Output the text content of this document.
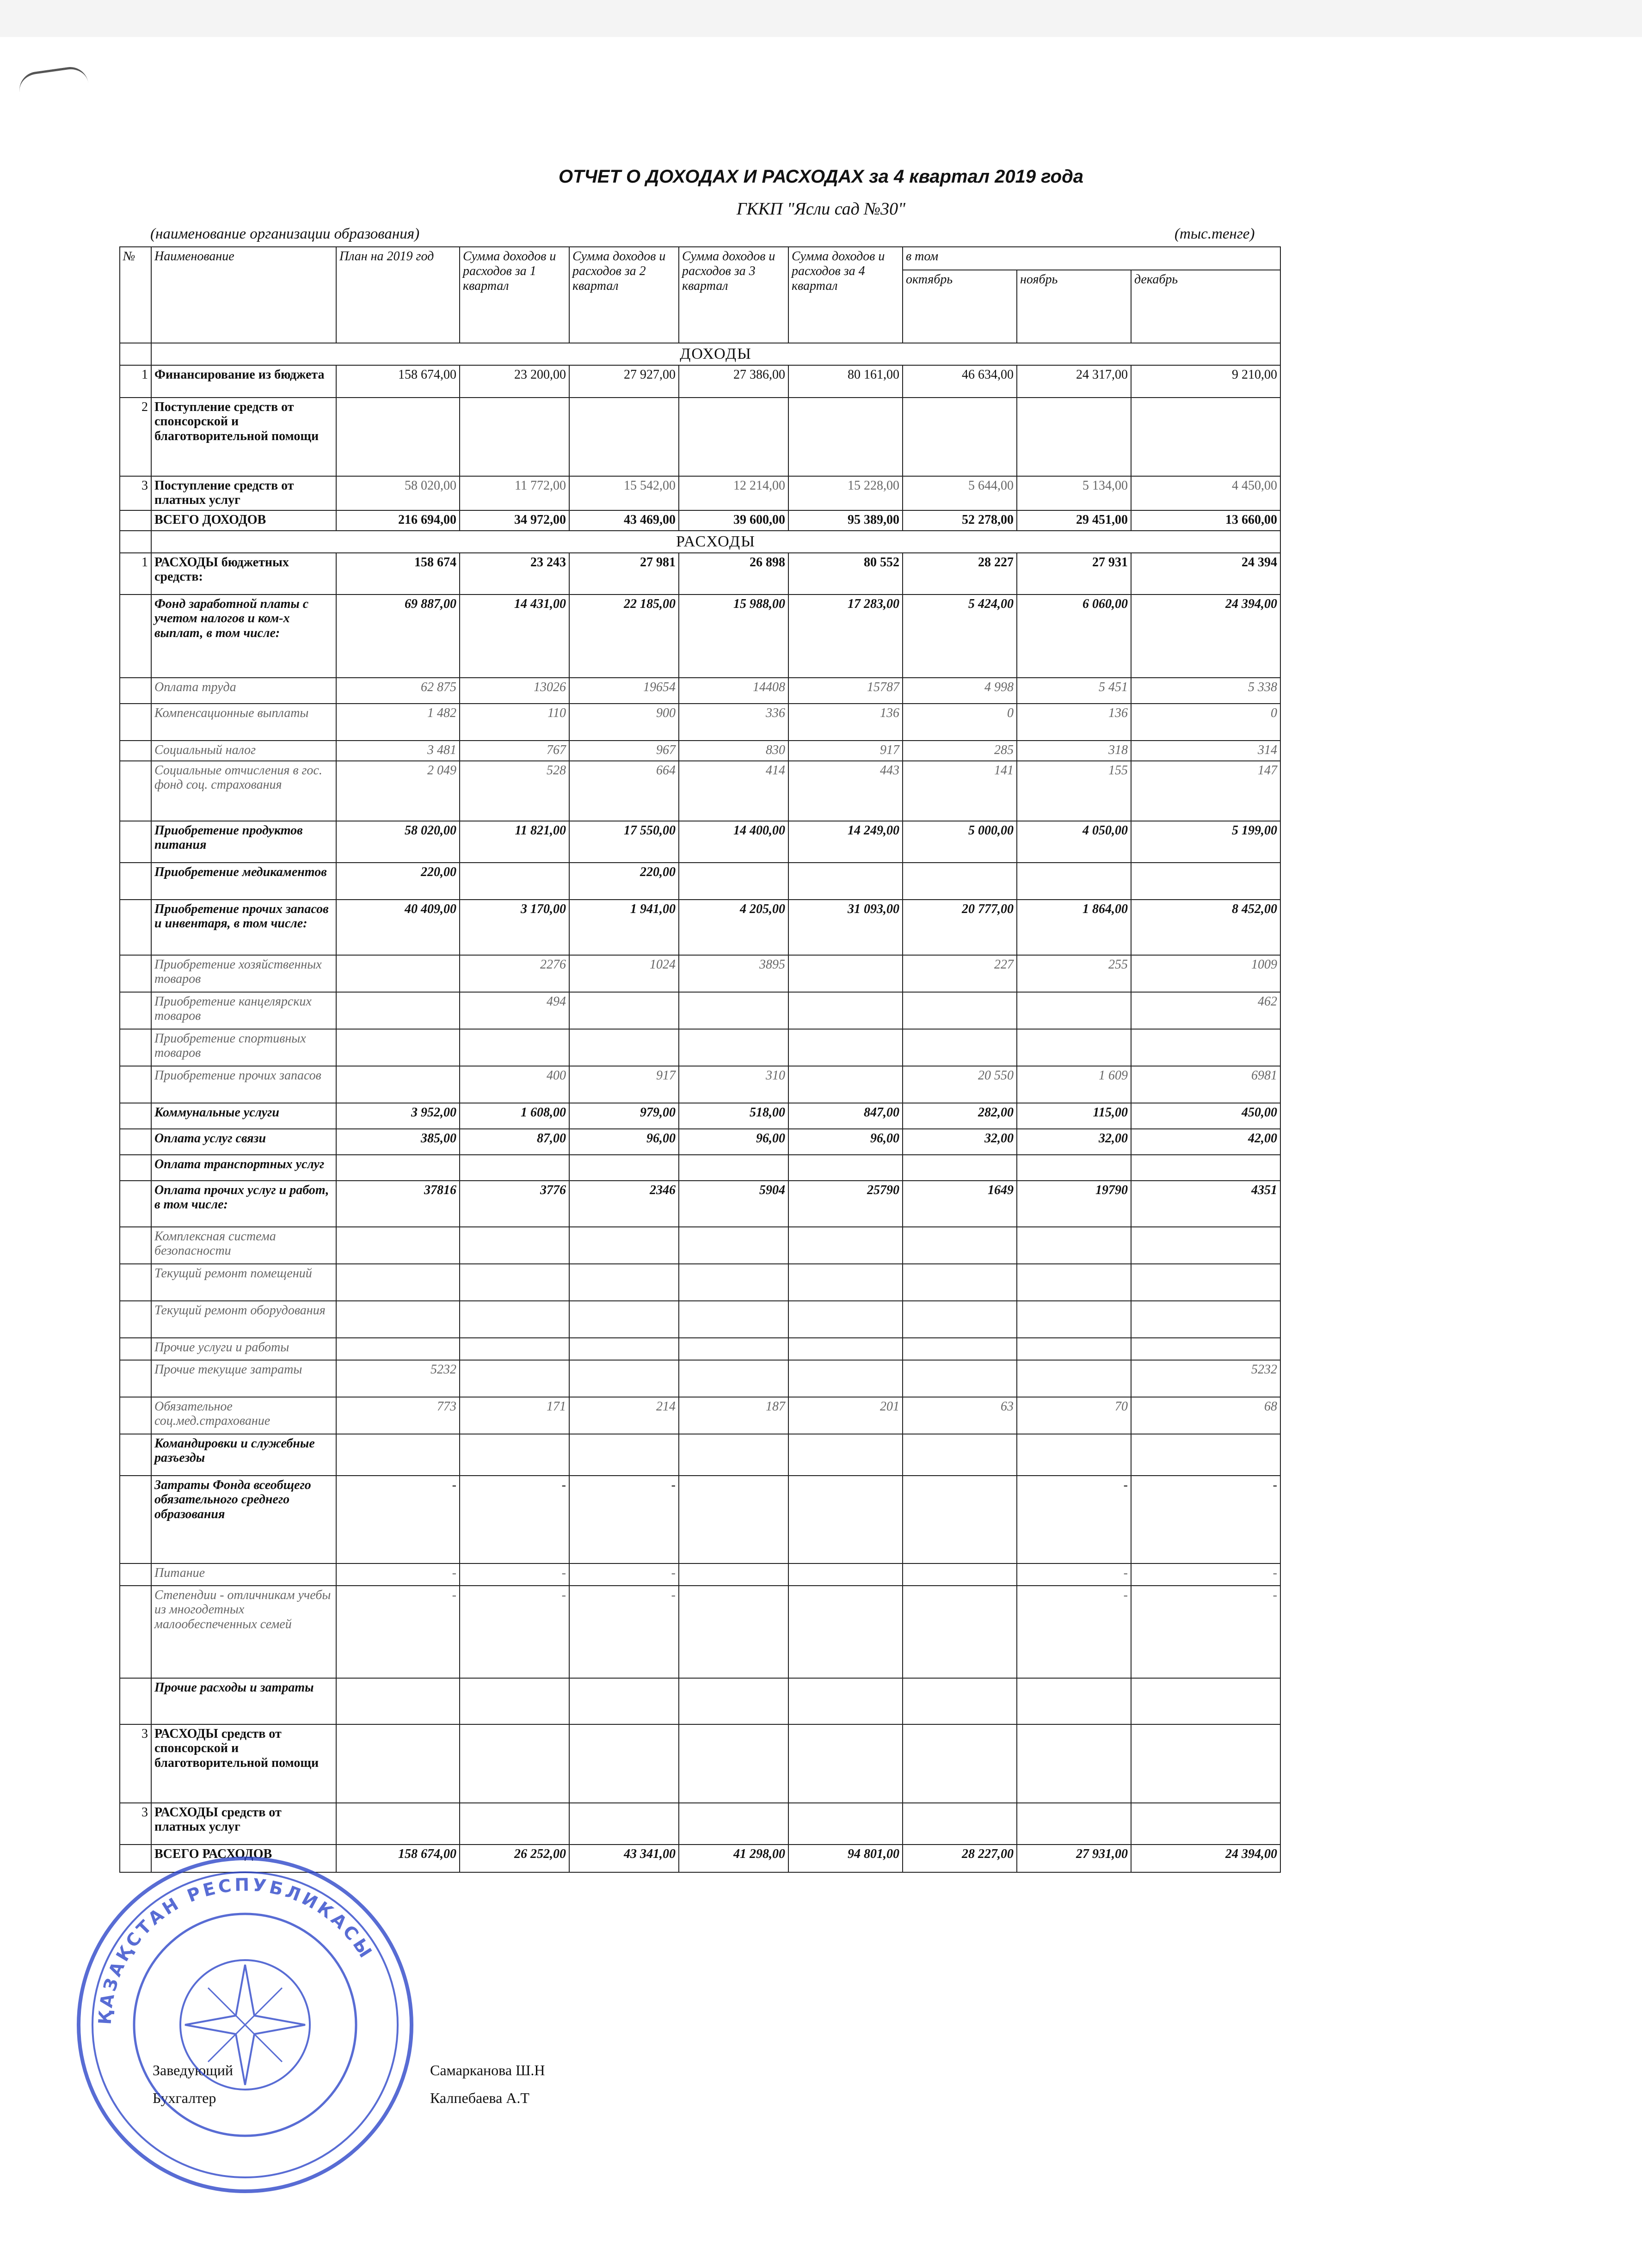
ОТЧЕТ О ДОХОДАХ И РАСХОДАХ за 4 квартал 2019 года
ГККП "Ясли сад №30"
(наименование организации образования)	(тыс.тенге)
№	Наименование	План на 2019 год	Сумма доходов и расходов за 1 квартал	Сумма доходов и расходов за 2 квартал	Сумма доходов и расходов за 3 квартал	Сумма доходов и расходов за 4 квартал	в том		
							октябрь	ноябрь	декабрь
	ДОХОДЫ								
1	Финансирование из бюджета	158 674,00	23 200,00	27 927,00	27 386,00	80 161,00	46 634,00	24 317,00	9 210,00
2	Поступление средств от спонсорской и благотворительной помощи								
3	Поступление средств от платных услуг	58 020,00	11 772,00	15 542,00	12 214,00	15 228,00	5 644,00	5 134,00	4 450,00
	ВСЕГО ДОХОДОВ	216 694,00	34 972,00	43 469,00	39 600,00	95 389,00	52 278,00	29 451,00	13 660,00
	РАСХОДЫ								
1	РАСХОДЫ бюджетных средств:	158 674	23 243	27 981	26 898	80 552	28 227	27 931	24 394
	Фонд заработной платы с учетом налогов и ком-х выплат, в том числе:	69 887,00	14 431,00	22 185,00	15 988,00	17 283,00	5 424,00	6 060,00	24 394,00
	Оплата труда	62 875	13026	19654	14408	15787	4 998	5 451	5 338
	Компенсационные выплаты	1 482	110	900	336	136	0	136	0
	Социальный налог	3 481	767	967	830	917	285	318	314
	Социальные отчисления в гос. фонд соц. страхования	2 049	528	664	414	443	141	155	147
	Приобретение продуктов питания	58 020,00	11 821,00	17 550,00	14 400,00	14 249,00	5 000,00	4 050,00	5 199,00
	Приобретение медикаментов	220,00		220,00					
	Приобретение прочих запасов и инвентаря, в том числе:	40 409,00	3 170,00	1 941,00	4 205,00	31 093,00	20 777,00	1 864,00	8 452,00
	Приобретение хозяйственных товаров		2276	1024	3895		227	255	1009
	Приобретение канцелярских товаров		494						462
	Приобретение спортивных товаров								
	Приобретение прочих запасов		400	917	310		20 550	1 609	6981
	Коммунальные услуги	3 952,00	1 608,00	979,00	518,00	847,00	282,00	115,00	450,00
	Оплата услуг связи	385,00	87,00	96,00	96,00	96,00	32,00	32,00	42,00
	Оплата транспортных услуг								
	Оплата прочих услуг и работ, в том числе:	37816	3776	2346	5904	25790	1649	19790	4351
	Комплексная система безопасности								
	Текущий ремонт помещений								
	Текущий ремонт оборудования								
	Прочие услуги и работы								
	Прочие текущие затраты	5232							5232
	Обязательное соц.мед.страхование	773	171	214	187	201	63	70	68
	Командировки и служебные разъезды								
	Затраты Фонда всеобщего обязательного среднего образования	-	-	-				-	-
	Питание	-	-	-				-	-
	Степендии - отличникам учебы из многодетных малообеспеченных семей	-	-	-				-	-
	Прочие расходы и затраты								
3	РАСХОДЫ средств от спонсорской и благотворительной помощи								
3	РАСХОДЫ средств от платных услуг								
	ВСЕГО РАСХОДОВ	158 674,00	26 252,00	43 341,00	41 298,00	94 801,00	28 227,00	27 931,00	24 394,00
Заведующий	Самарканова Ш.Н
Бухгалтер	Калпебаева А.Т
ҚАЗАҚСТАН РЕСПУБЛИКАСЫ
